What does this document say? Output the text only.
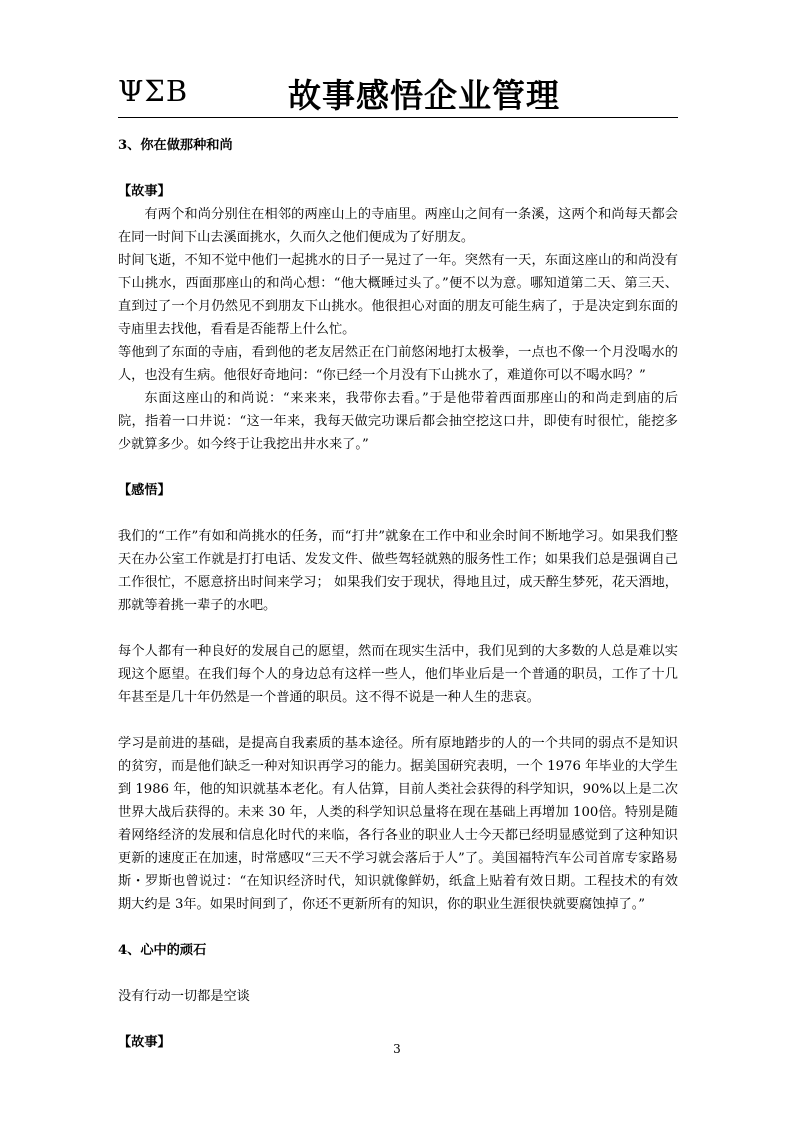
ΨΣΒ	故事感悟企业管理

3、你在做那种和尚

【故事】

有两个和尚分别住在相邻的两座山上的寺庙里。两座山之间有一条溪，这两个和尚每天都会在同一时间下山去溪面挑水，久而久之他们便成为了好朋友。

时间飞逝，不知不觉中他们一起挑水的日子一晃过了一年。突然有一天，东面这座山的和尚没有下山挑水，西面那座山的和尚心想：“他大概睡过头了。”便不以为意。哪知道第二天、第三天、直到过了一个月仍然见不到朋友下山挑水。他很担心对面的朋友可能生病了，于是决定到东面的寺庙里去找他，看看是否能帮上什么忙。

等他到了东面的寺庙，看到他的老友居然正在门前悠闲地打太极拳，一点也不像一个月没喝水的人，也没有生病。他很好奇地问：“你已经一个月没有下山挑水了，难道你可以不喝水吗？”

东面这座山的和尚说：“来来来，我带你去看。”于是他带着西面那座山的和尚走到庙的后院，指着一口井说：“这一年来，我每天做完功课后都会抽空挖这口井，即使有时很忙，能挖多少就算多少。如今终于让我挖出井水来了。”

【感悟】

我们的“工作”有如和尚挑水的任务，而“打井”就象在工作中和业余时间不断地学习。如果我们整天在办公室工作就是打打电话、发发文件、做些驾轻就熟的服务性工作；如果我们总是强调自己工作很忙，不愿意挤出时间来学习； 如果我们安于现状，得地且过，成天醉生梦死，花天酒地，那就等着挑一辈子的水吧。

每个人都有一种良好的发展自己的愿望，然而在现实生活中，我们见到的大多数的人总是难以实现这个愿望。在我们每个人的身边总有这样一些人，他们毕业后是一个普通的职员，工作了十几年甚至是几十年仍然是一个普通的职员。这不得不说是一种人生的悲哀。

学习是前进的基础，是提高自我素质的基本途径。所有原地踏步的人的一个共同的弱点不是知识的贫穷，而是他们缺乏一种对知识再学习的能力。据美国研究表明，一个 1976 年毕业的大学生到 1986 年，他的知识就基本老化。有人估算，目前人类社会获得的科学知识，90%以上是二次世界大战后获得的。未来 30 年，人类的科学知识总量将在现在基础上再增加 100倍。特别是随着网络经济的发展和信息化时代的来临，各行各业的职业人士今天都已经明显感觉到了这种知识更新的速度正在加速，时常感叹“三天不学习就会落后于人”了。美国福特汽车公司首席专家路易斯・罗斯也曾说过：“在知识经济时代，知识就像鲜奶，纸盒上贴着有效日期。工程技术的有效期大约是 3年。如果时间到了，你还不更新所有的知识，你的职业生涯很快就要腐蚀掉了。”

4、心中的顽石

没有行动一切都是空谈

【故事】	3
